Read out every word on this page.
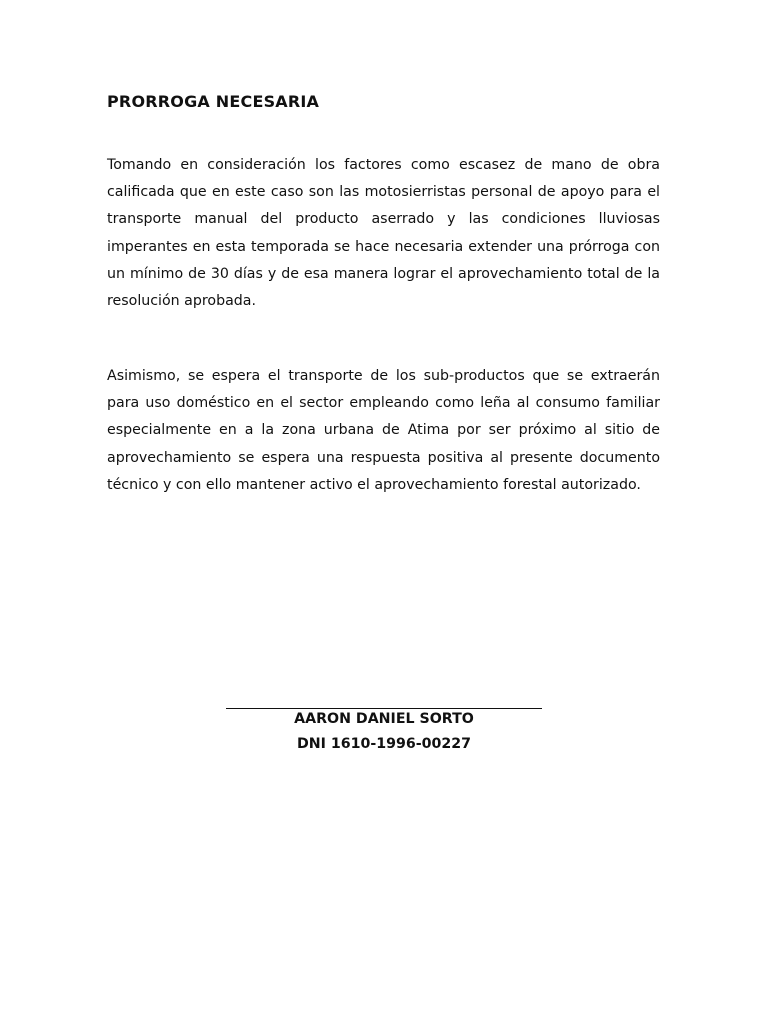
PRORROGA NECESARIA

Tomando en consideración los factores como escasez de mano de obra calificada que en este caso son las motosierristas personal de apoyo para el transporte manual del producto aserrado y las condiciones lluviosas imperantes en esta temporada se hace necesaria extender una prórroga con un mínimo de 30 días y de esa manera lograr el aprovechamiento total de la resolución aprobada.

Asimismo, se espera el transporte de los sub-productos que se extraerán para uso doméstico en el sector empleando como leña al consumo familiar especialmente en a la zona urbana de Atima por ser próximo al sitio de aprovechamiento se espera una respuesta positiva al presente documento técnico y con ello mantener activo el aprovechamiento forestal autorizado.

AARON DANIEL SORTO
DNI 1610-1996-00227
